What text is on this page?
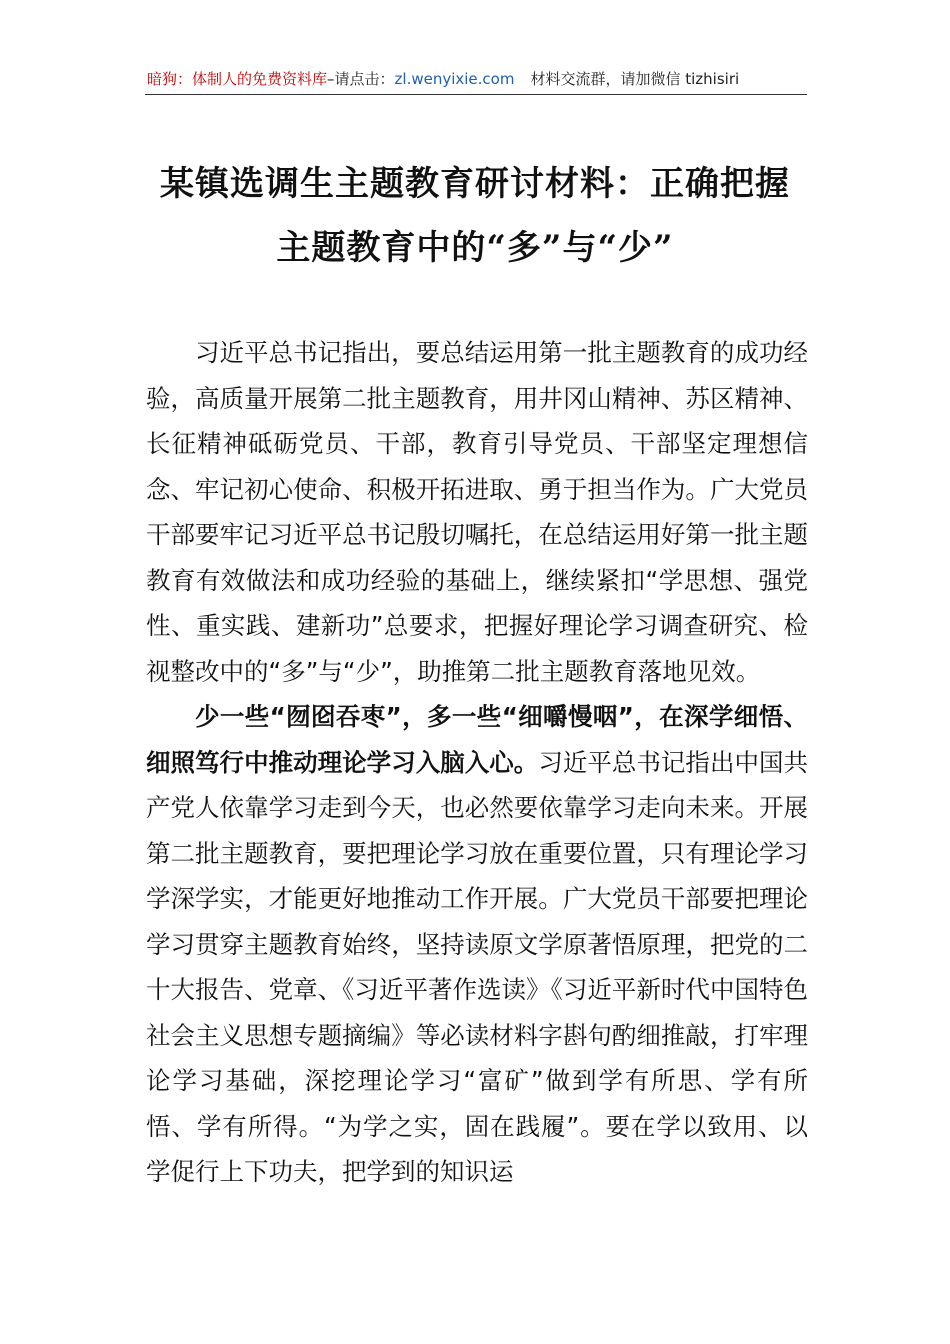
暗狗：体制人的免费资料库–请点击：zl.wenyixie.com 材料交流群，请加微信 tizhisiri
某镇选调生主题教育研讨材料：正确把握
主题教育中的“多”与“少”

习近平总书记指出，要总结运用第一批主题教育的成功经验，高质量开展第二批主题教育，用井冈山精神、苏区精神、长征精神砥砺党员、干部，教育引导党员、干部坚定理想信念、牢记初心使命、积极开拓进取、勇于担当作为。广大党员干部要牢记习近平总书记殷切嘱托，在总结运用好第一批主题教育有效做法和成功经验的基础上，继续紧扣“学思想、强党性、重实践、建新功”总要求，把握好理论学习调查研究、检视整改中的“多”与“少”，助推第二批主题教育落地见效。

少一些“囫囵吞枣”，多一些“细嚼慢咽”，在深学细悟、细照笃行中推动理论学习入脑入心。习近平总书记指出中国共产党人依靠学习走到今天，也必然要依靠学习走向未来。开展第二批主题教育，要把理论学习放在重要位置，只有理论学习学深学实，才能更好地推动工作开展。广大党员干部要把理论学习贯穿主题教育始终，坚持读原文学原著悟原理，把党的二十大报告、党章、《习近平著作选读》《习近平新时代中国特色社会主义思想专题摘编》等必读材料字斟句酌细推敲，打牢理论学习基础，深挖理论学习“富矿”做到学有所思、学有所悟、学有所得。“为学之实，固在践履”。要在学以致用、以学促行上下功夫，把学到的知识运
